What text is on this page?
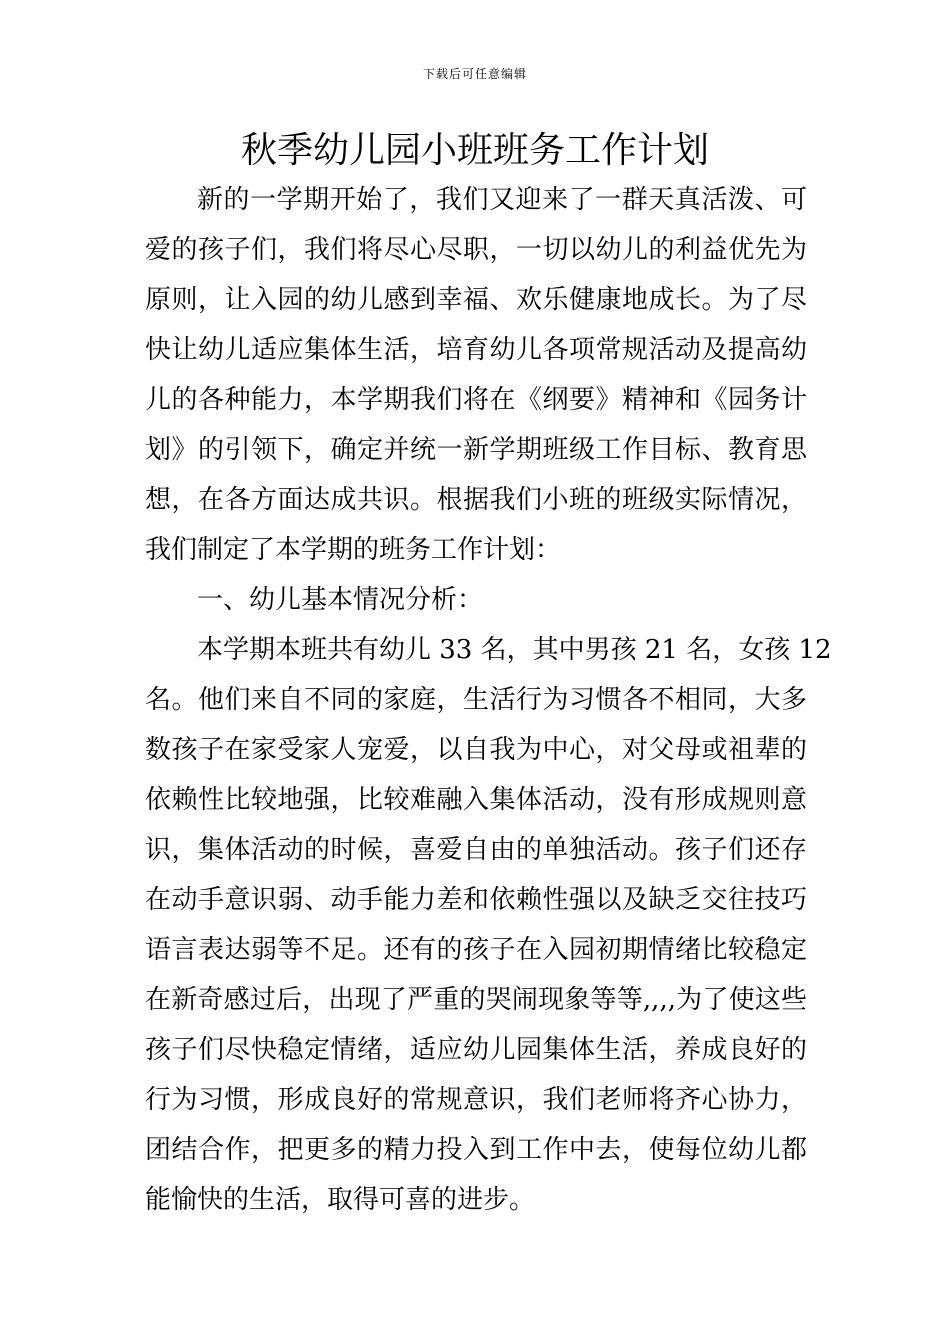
下载后可任意编辑
秋季幼儿园小班班务工作计划
新的一学期开始了，我们又迎来了一群天真活泼、可
爱的孩子们，我们将尽心尽职，一切以幼儿的利益优先为
原则，让入园的幼儿感到幸福、欢乐健康地成长。为了尽
快让幼儿适应集体生活，培育幼儿各项常规活动及提高幼
儿的各种能力，本学期我们将在《纲要》精神和《园务计
划》的引领下，确定并统一新学期班级工作目标、教育思
想，在各方面达成共识。根据我们小班的班级实际情况，
我们制定了本学期的班务工作计划：
一、幼儿基本情况分析：
本学期本班共有幼儿 33 名，其中男孩 21 名，女孩 12
名。他们来自不同的家庭，生活行为习惯各不相同，大多
数孩子在家受家人宠爱，以自我为中心，对父母或祖辈的
依赖性比较地强，比较难融入集体活动，没有形成规则意
识，集体活动的时候，喜爱自由的单独活动。孩子们还存
在动手意识弱、动手能力差和依赖性强以及缺乏交往技巧
语言表达弱等不足。还有的孩子在入园初期情绪比较稳定
在新奇感过后，出现了严重的哭闹现象等等,,,,为了使这些
孩子们尽快稳定情绪，适应幼儿园集体生活，养成良好的
行为习惯，形成良好的常规意识，我们老师将齐心协力，
团结合作，把更多的精力投入到工作中去，使每位幼儿都
能愉快的生活，取得可喜的进步。
